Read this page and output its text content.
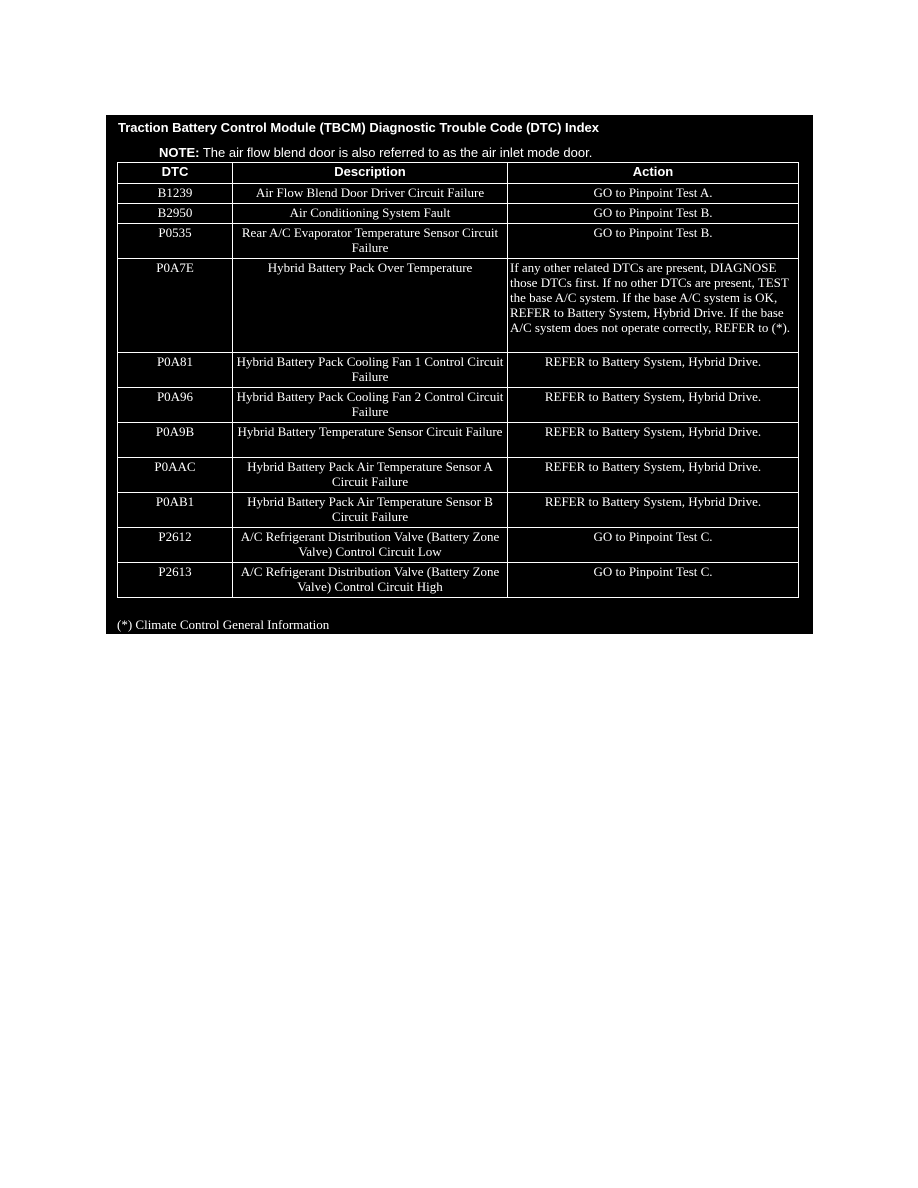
Traction Battery Control Module (TBCM) Diagnostic Trouble Code (DTC) Index
NOTE: The air flow blend door is also referred to as the air inlet mode door.
DTC	Description	Action
B1239	Air Flow Blend Door Driver Circuit Failure	GO to Pinpoint Test A.
B2950	Air Conditioning System Fault	GO to Pinpoint Test B.
P0535	Rear A/C Evaporator Temperature Sensor Circuit Failure	GO to Pinpoint Test B.
P0A7E	Hybrid Battery Pack Over Temperature	If any other related DTCs are present, DIAGNOSE those DTCs first. If no other DTCs are present, TEST the base A/C system. If the base A/C system is OK, REFER to Battery System, Hybrid Drive. If the base A/C system does not operate correctly, REFER to (*).
P0A81	Hybrid Battery Pack Cooling Fan 1 Control Circuit Failure	REFER to Battery System, Hybrid Drive.
P0A96	Hybrid Battery Pack Cooling Fan 2 Control Circuit Failure	REFER to Battery System, Hybrid Drive.
P0A9B	Hybrid Battery Temperature Sensor Circuit Failure	REFER to Battery System, Hybrid Drive.
P0AAC	Hybrid Battery Pack Air Temperature Sensor A Circuit Failure	REFER to Battery System, Hybrid Drive.
P0AB1	Hybrid Battery Pack Air Temperature Sensor B Circuit Failure	REFER to Battery System, Hybrid Drive.
P2612	A/C Refrigerant Distribution Valve (Battery Zone Valve) Control Circuit Low	GO to Pinpoint Test C.
P2613	A/C Refrigerant Distribution Valve (Battery Zone Valve) Control Circuit High	GO to Pinpoint Test C.
(*) Climate Control General Information
